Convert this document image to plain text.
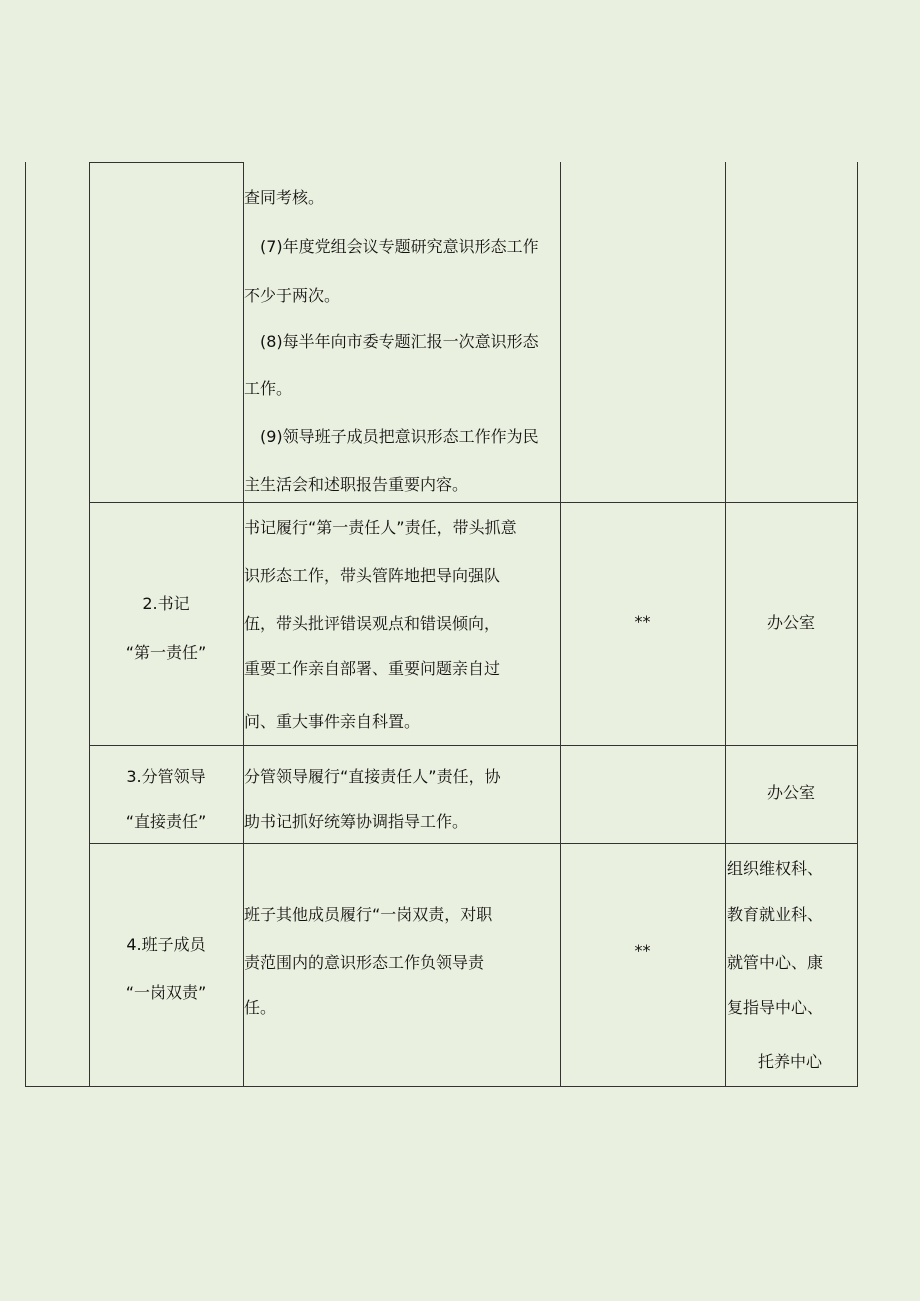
查同考核。
(7)年度党组会议专题研究意识形态工作
不少于两次。
(8)每半年向市委专题汇报一次意识形态
工作。
(9)领导班子成员把意识形态工作作为民
主生活会和述职报告重要内容。
2.书记
“第一责任”
书记履行“第一责任人”责任，带头抓意
识形态工作，带头管阵地把导向强队
伍，带头批评错误观点和错误倾向，
重要工作亲自部署、重要问题亲自过
问、重大事件亲自科置。
**	办公室
3.分管领导
“直接责任”
分管领导履行“直接责任人”责任，协
助书记抓好统筹协调指导工作。
办公室
4.班子成员
“一岗双责”
班子其他成员履行“一岗双责，对职
责范围内的意识形态工作负领导责
任。
**
组织维权科、
教育就业科、
就管中心、康
复指导中心、
托养中心
